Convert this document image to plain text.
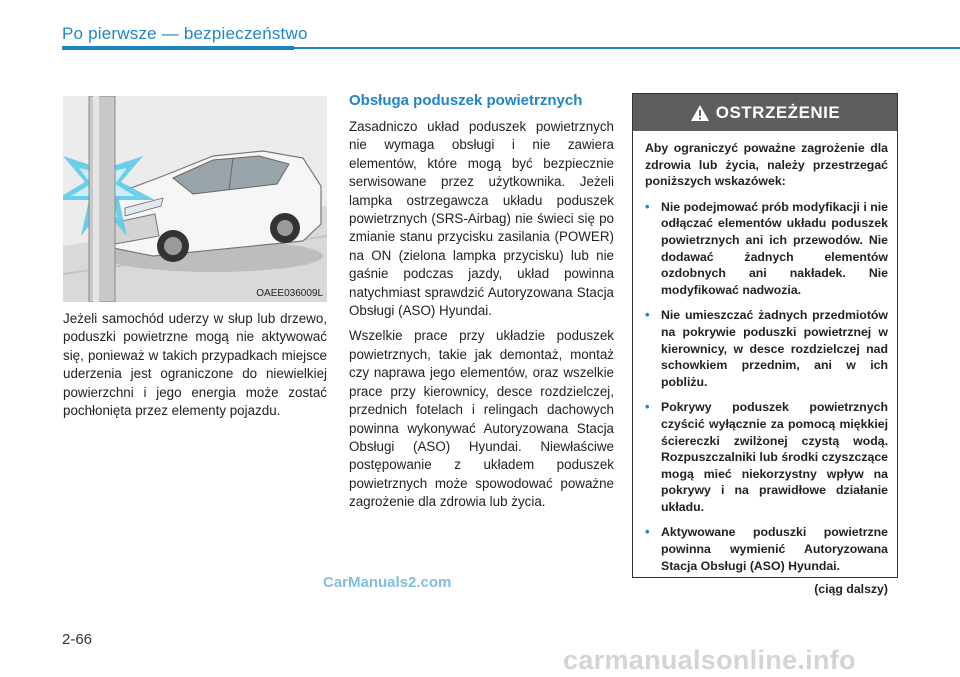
Po pierwsze — bezpieczeństwo
OAEE036009L

Jeżeli samochód uderzy w słup lub drzewo, poduszki powietrzne mogą nie aktywować się, ponieważ w takich przypadkach miejsce uderzenia jest ograniczone do niewielkiej powierzchni i jego energia może zostać pochłonięta przez elementy pojazdu.

Obsługa poduszek powietrznych

Zasadniczo układ poduszek powietrznych nie wymaga obsługi i nie zawiera elementów, które mogą być bezpiecznie serwisowane przez użytkownika. Jeżeli lampka ostrzegawcza układu poduszek powietrznych (SRS-Airbag) nie świeci się po zmianie stanu przycisku zasilania (POWER) na ON (zielona lampka przycisku) lub nie gaśnie podczas jazdy, układ powinna natychmiast sprawdzić Autoryzowana Stacja Obsługi (ASO) Hyundai.

Wszelkie prace przy układzie poduszek powietrznych, takie jak demontaż, montaż czy naprawa jego elementów, oraz wszelkie prace przy kierownicy, desce rozdzielczej, przednich fotelach i relingach dachowych powinna wykonywać Autoryzowana Stacja Obsługi (ASO) Hyundai. Niewłaściwe postępowanie z układem poduszek powietrznych może spowodować poważne zagrożenie dla zdrowia lub życia.

OSTRZEŻENIE

Aby ograniczyć poważne zagrożenie dla zdrowia lub życia, należy przestrzegać poniższych wskazówek:

• Nie podejmować prób modyfikacji i nie odłączać elementów układu poduszek powietrznych ani ich przewodów. Nie dodawać żadnych elementów ozdobnych ani nakładek. Nie modyfikować nadwozia.
• Nie umieszczać żadnych przedmiotów na pokrywie poduszki powietrznej w kierownicy, w desce rozdzielczej nad schowkiem przednim, ani w ich pobliżu.
• Pokrywy poduszek powietrznych czyścić wyłącznie za pomocą miękkiej ściereczki zwilżonej czystą wodą. Rozpuszczalniki lub środki czyszczące mogą mieć niekorzystny wpływ na pokrywy i na prawidłowe działanie układu.
• Aktywowane poduszki powietrzne powinna wymienić Autoryzowana Stacja Obsługi (ASO) Hyundai.

(ciąg dalszy)

CarManuals2.com
2-66
carmanualsonline.info
